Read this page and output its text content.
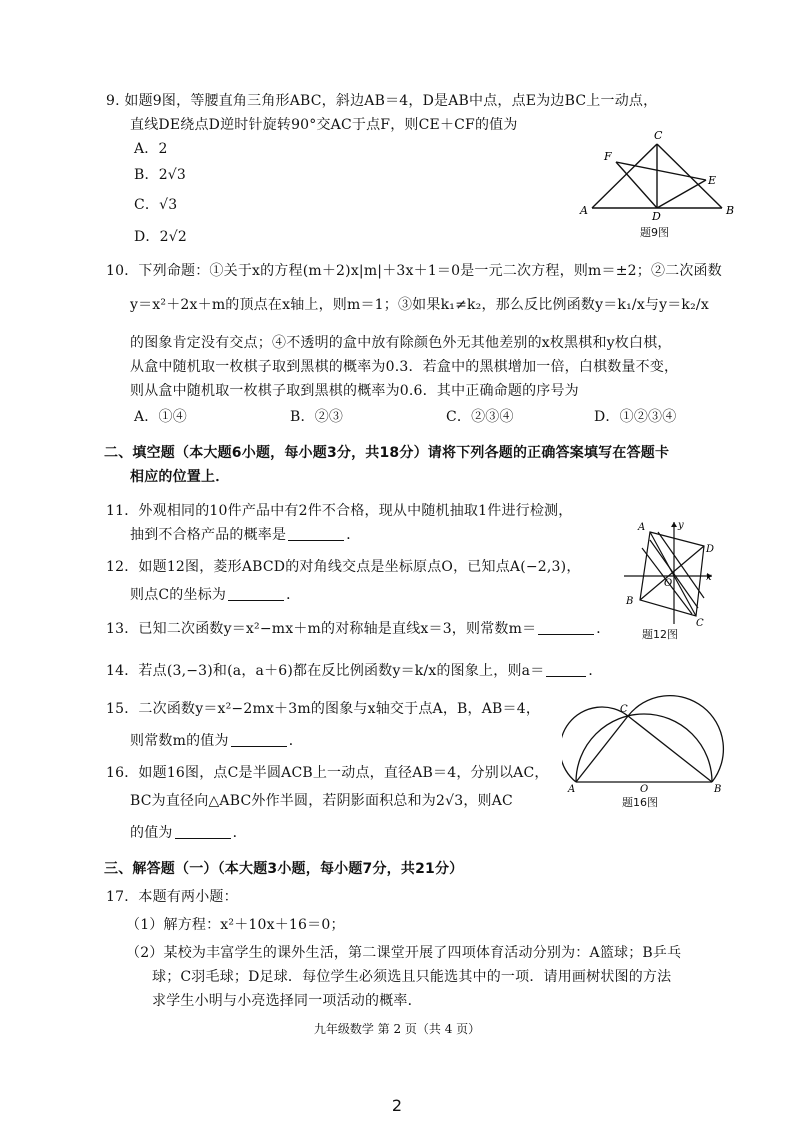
9. 如题9图，等腰直角三角形ABC，斜边AB＝4，D是AB中点，点E为边BC上一动点，
直线DE绕点D逆时针旋转90°交AC于点F，则CE＋CF的值为
A．2
B．2√3
C．√3
D．2√2
C
A	B
D
E
F
题9图
10．下列命题：①关于x的方程(m＋2)x|m|＋3x＋1＝0是一元二次方程，则m＝±2；②二次函数
y＝x²＋2x＋m的顶点在x轴上，则m＝1；③如果k₁≠k₂，那么反比例函数y＝k₁/x与y＝k₂/x
的图象肯定没有交点；④不透明的盒中放有除颜色外无其他差别的x枚黑棋和y枚白棋，
从盒中随机取一枚棋子取到黑棋的概率为0.3．若盒中的黑棋增加一倍，白棋数量不变，
则从盒中随机取一枚棋子取到黑棋的概率为0.6．其中正确命题的序号为
A．①④	B．②③	C．②③④	D．①②③④
二、填空题（本大题6小题，每小题3分，共18分）请将下列各题的正确答案填写在答题卡
相应的位置上．
11．外观相同的10件产品中有2件不合格，现从中随机抽取1件进行检测，
抽到不合格产品的概率是	．
12．如题12图，菱形ABCD的对角线交点是坐标原点O，已知点A(−2,3)，
则点C的坐标为	．
A	y
D
x
O
B
C
题12图
13．已知二次函数y＝x²−mx＋m的对称轴是直线x＝3，则常数m＝	．
14．若点(3,−3)和(a，a＋6)都在反比例函数y＝k/x的图象上，则a＝	．
15．二次函数y＝x²−2mx＋3m的图象与x轴交于点A，B，AB＝4，
则常数m的值为	．
16．如题16图，点C是半圆ACB上一动点，直径AB＝4，分别以AC，
BC为直径向△ABC外作半圆，若阴影面积总和为2√3，则AC
的值为	．
C
A	O	B
题16图
三、解答题（一）（本大题3小题，每小题7分，共21分）
17．本题有两小题：
（1）解方程：x²＋10x＋16＝0；
（2）某校为丰富学生的课外生活，第二课堂开展了四项体育活动分别为：A篮球；B乒乓
球；C羽毛球；D足球．每位学生必须选且只能选其中的一项．请用画树状图的方法
求学生小明与小亮选择同一项活动的概率．
九年级数学 第 2 页（共 4 页）
2
